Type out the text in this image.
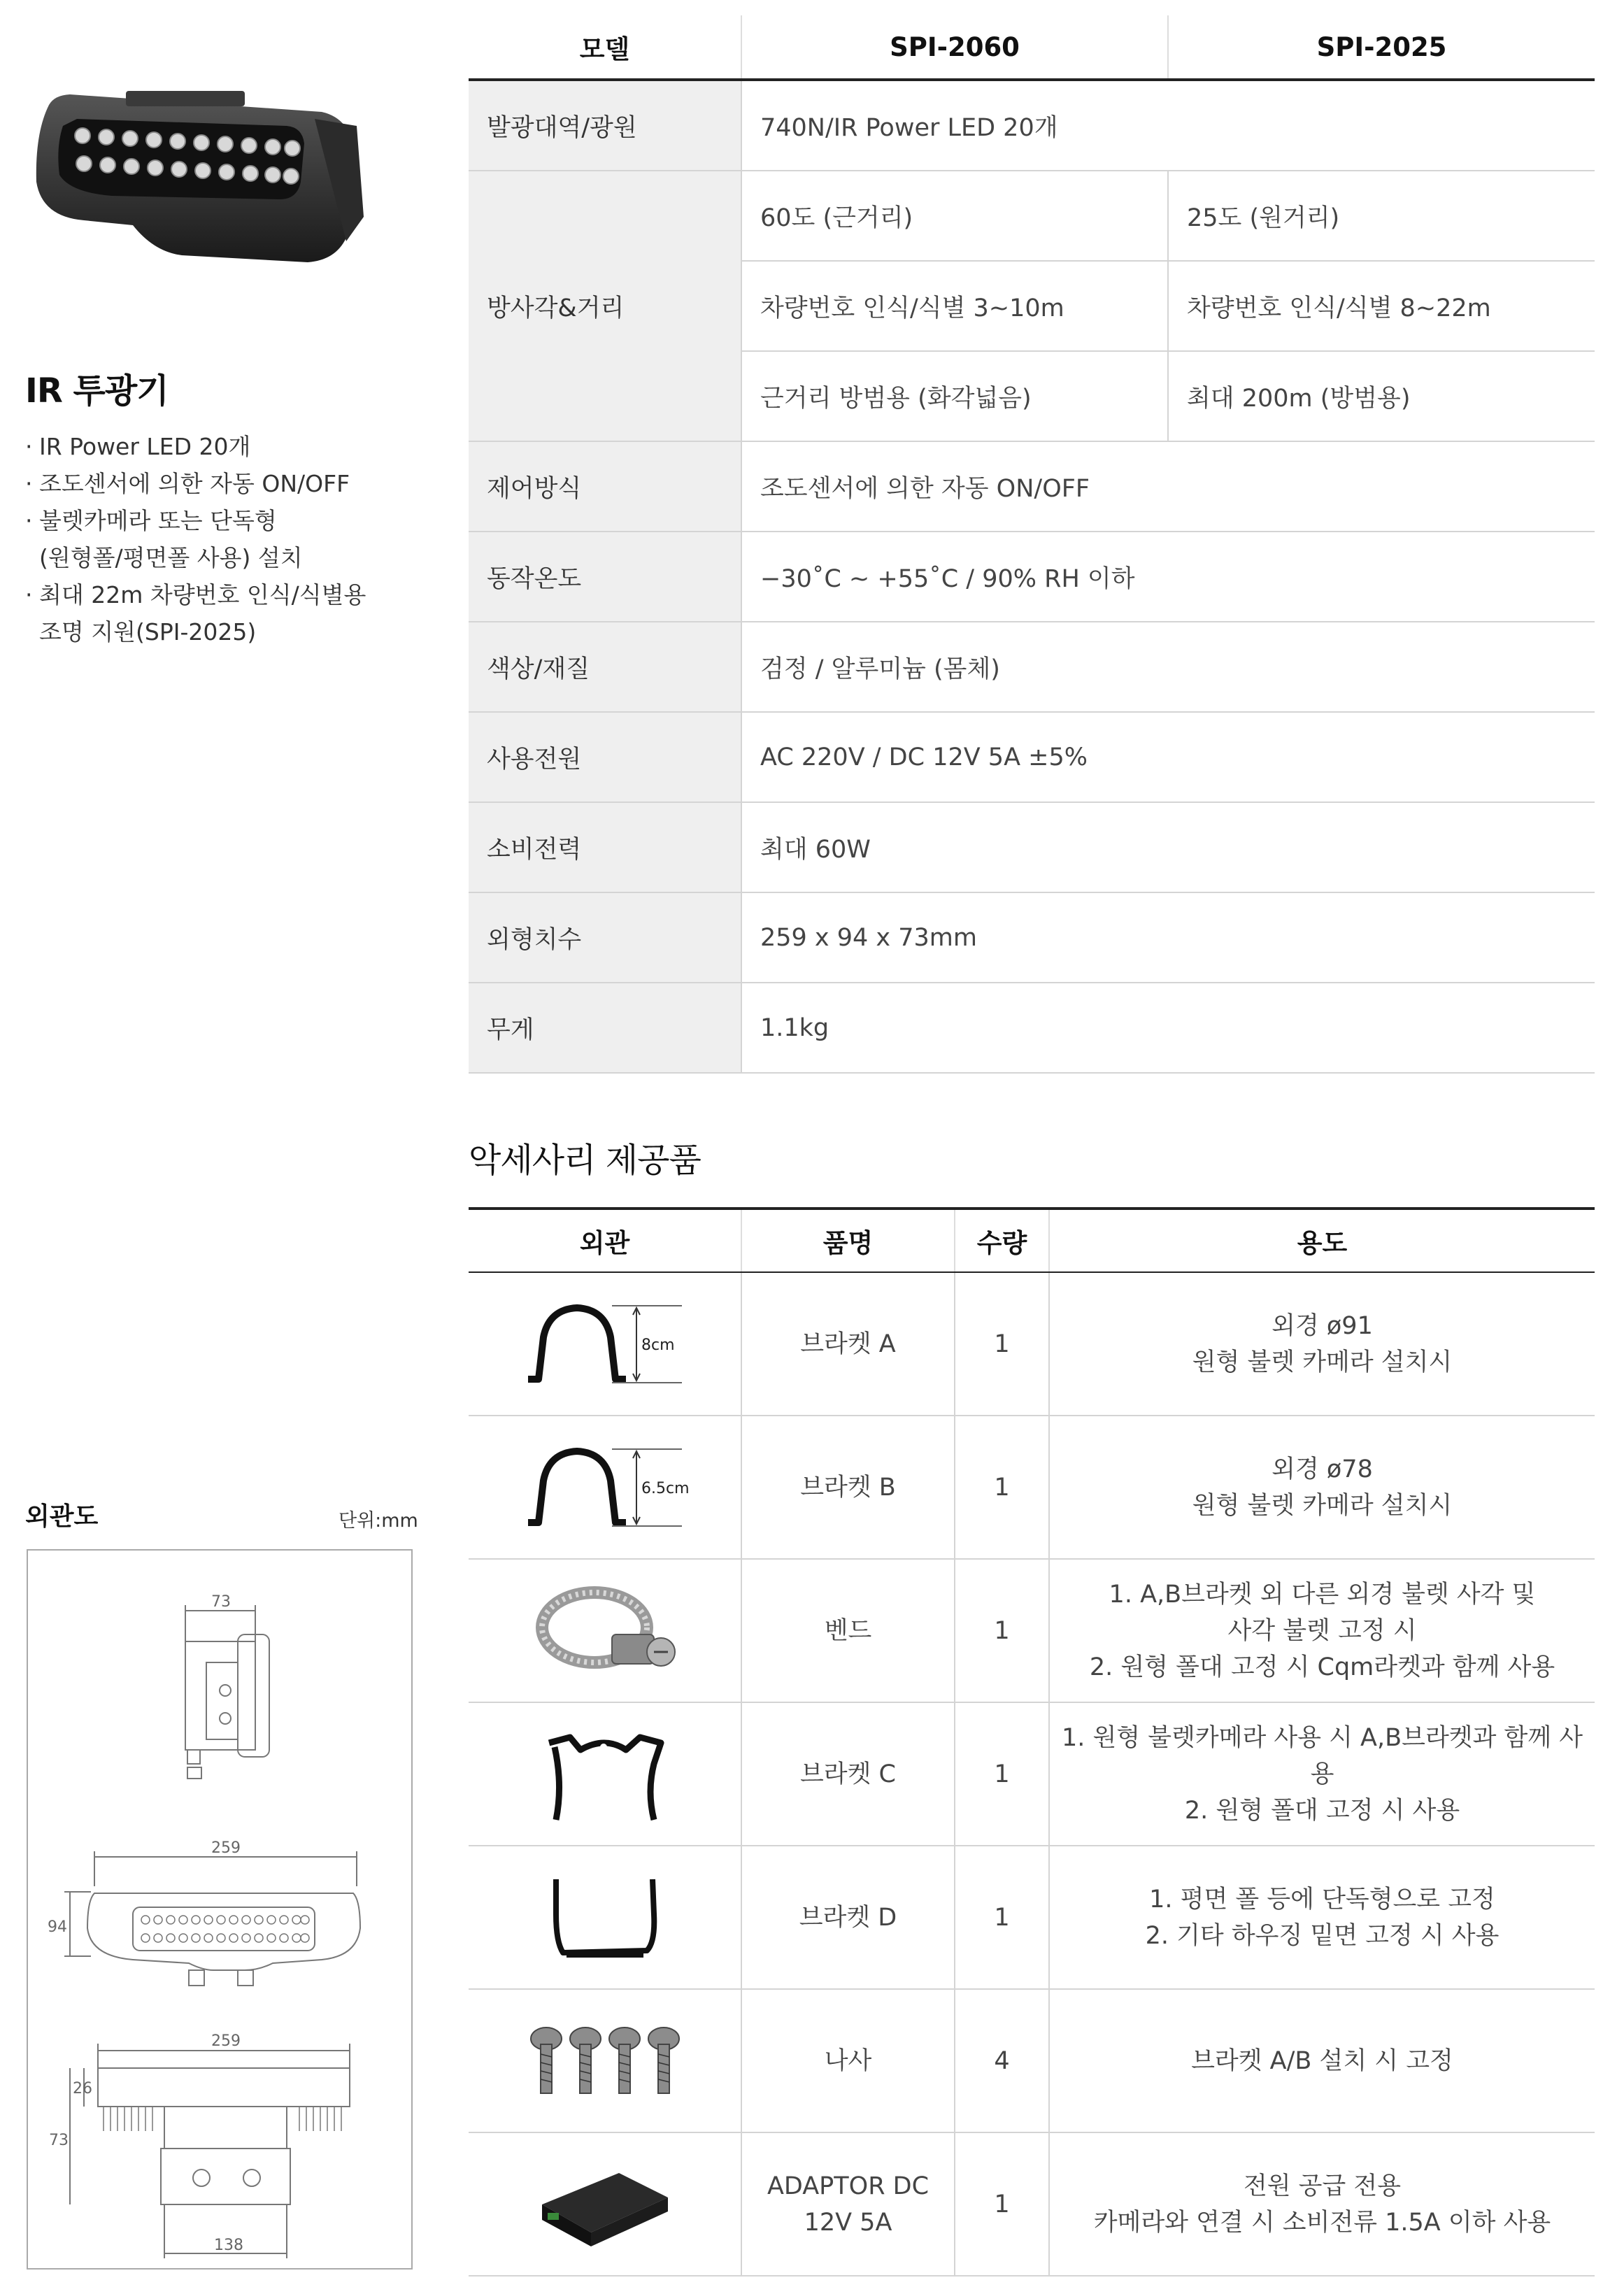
IR 투광기
· IR Power LED 20개
· 조도센서에 의한 자동 ON/OFF
· 불렛카메라 또는 단독형
(원형폴/평면폴 사용) 설치
· 최대 22m 차량번호 인식/식별용
조명 지원(SPI-2025)
외관도	단위:mm
73
259
94
259
73
26
138
모델	SPI-2060	SPI-2025
발광대역/광원	740N/IR Power LED 20개	
방사각&거리	60도 (근거리)	25도 (원거리)
	차량번호 인식/식별 3~10m	차량번호 인식/식별 8~22m
	근거리 방범용 (화각넓음)	최대 200m (방범용)
제어방식	조도센서에 의한 자동 ON/OFF	
동작온도	−30˚C ~ +55˚C / 90% RH 이하	
색상/재질	검정 / 알루미늄 (몸체)	
사용전원	AC 220V / DC 12V 5A ±5%	
소비전력	최대 60W	
외형치수	259 x 94 x 73mm	
무게	1.1kg	
악세사리 제공품
외관	품명	수량	용도

8cm	브라켓 A	1	외경 ø91
원형 불렛 카메라 설치시

6.5cm	브라켓 B	1	외경 ø78
원형 불렛 카메라 설치시

	벤드	1	1. A,B브라켓 외 다른 외경 불렛 사각 및
사각 불렛 고정 시
2. 원형 폴대 고정 시 Cqm라켓과 함께 사용

	브라켓 C	1	1. 원형 불렛카메라 사용 시 A,B브라켓과 함께 사용
2. 원형 폴대 고정 시 사용

	브라켓 D	1	1. 평면 폴 등에 단독형으로 고정
2. 기타 하우징 밑면 고정 시 사용

	나사	4	브라켓 A/B 설치 시 고정

	ADAPTOR DC
12V 5A	1	전원 공급 전용
카메라와 연결 시 소비전류 1.5A 이하 사용
